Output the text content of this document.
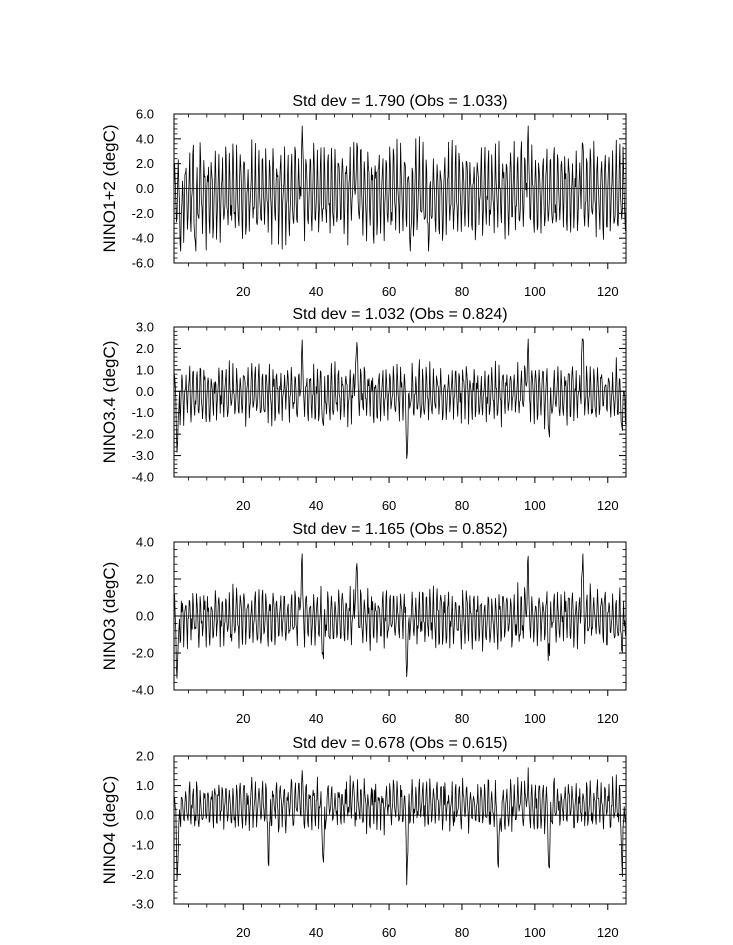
Std dev = 1.790 (Obs = 1.033)
NINO1+2 (degC)
-6.0
-4.0
-2.0
0.0
2.0
4.0
6.0
20	40	60	80	100	120
Std dev = 1.032 (Obs = 0.824)
NINO3.4 (degC)
-4.0
-3.0
-2.0
-1.0
0.0
1.0
2.0
3.0
20	40	60	80	100	120
Std dev = 1.165 (Obs = 0.852)
NINO3 (degC)
-4.0
-2.0
0.0
2.0
4.0
20	40	60	80	100	120
Std dev = 0.678 (Obs = 0.615)
NINO4 (degC)
-3.0
-2.0
-1.0
0.0
1.0
2.0
20	40	60	80	100	120
